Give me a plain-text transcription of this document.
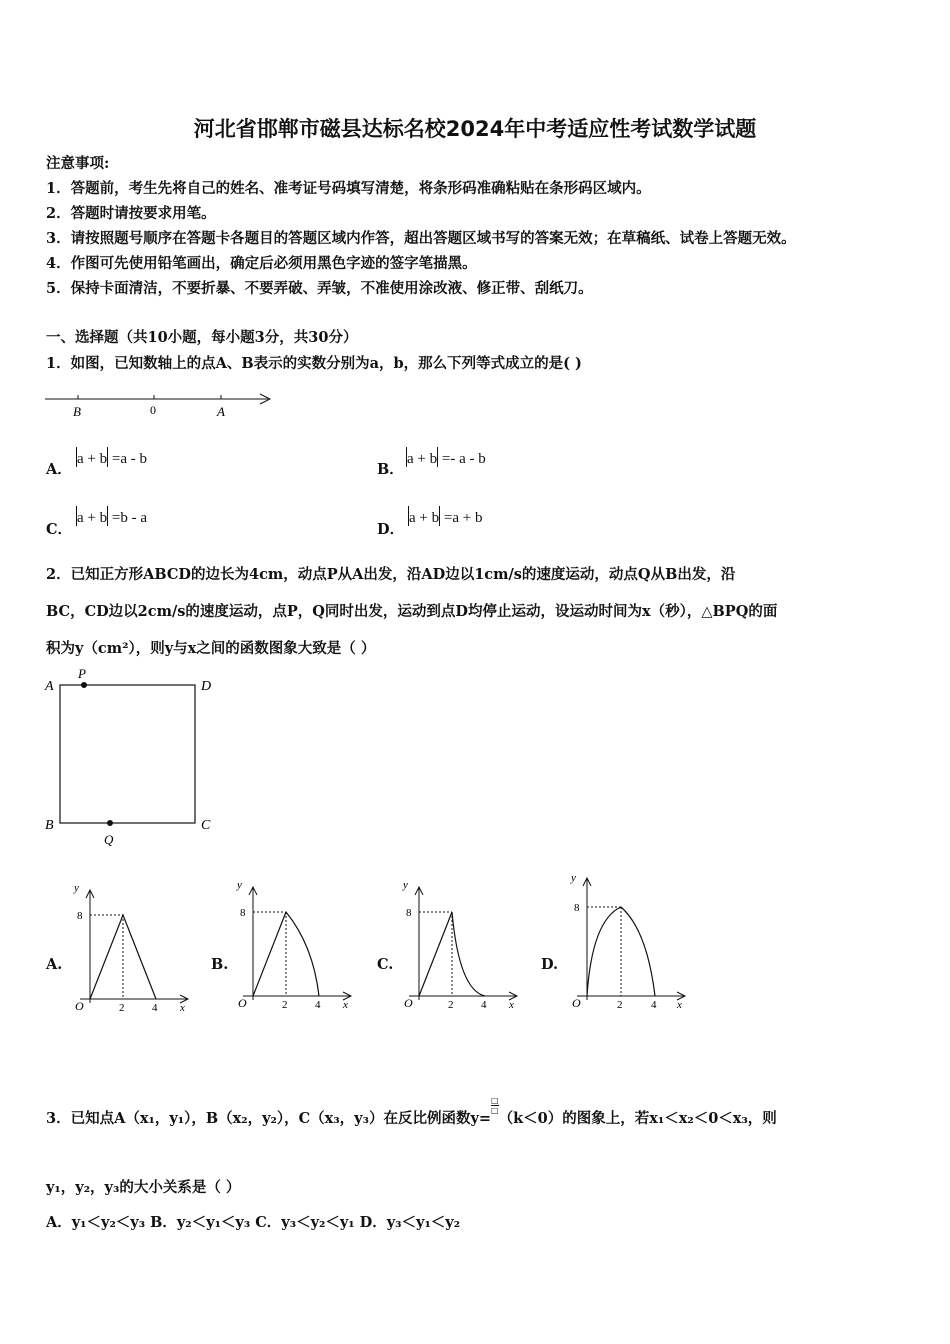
河北省邯郸市磁县达标名校2024年中考适应性考试数学试题
注意事项:
1．答题前，考生先将自己的姓名、准考证号码填写清楚，将条形码准确粘贴在条形码区域内。
2．答题时请按要求用笔。
3．请按照题号顺序在答题卡各题目的答题区域内作答，超出答题区域书写的答案无效；在草稿纸、试卷上答题无效。
4．作图可先使用铅笔画出，确定后必须用黑色字迹的签字笔描黑。
5．保持卡面清洁，不要折暴、不要弄破、弄皱，不准使用涂改液、修正带、刮纸刀。
一、选择题（共10小题，每小题3分，共30分）
1．如图，已知数轴上的点A、B表示的实数分别为a，b，那么下列等式成立的是( )
B	0	A
A．
a + b =a - b
B．
a + b =- a - b
C．
a + b =b - a
D．
a + b =a + b
2．已知正方形ABCD的边长为4cm，动点P从A出发，沿AD边以1cm/s的速度运动，动点Q从B出发，沿
BC，CD边以2cm/s的速度运动，点P，Q同时出发，运动到点D均停止运动，设运动时间为x（秒），△BPQ的面
积为y（cm²），则y与x之间的函数图象大致是（ ）
A	D
B	C
P
Q
A.
y
8
O	2	4 x
B.
y
8
O	2	4 x
C.
y
8
O	2	4 x
D.
y
8
O	2	4 x
3．已知点A（x₁，y₁），B（x₂，y₂），C（x₃，y₃）在反比例函数$y=\frac{□}{□}(k<0)$的图象上，若x₁＜x₂＜0＜x₃，则
y₁，y₂，y₃的大小关系是（ ）
A．y₁＜y₂＜y₃ B．y₂＜y₁＜y₃ C．y₃＜y₂＜y₁ D．y₃＜y₁＜y₂
